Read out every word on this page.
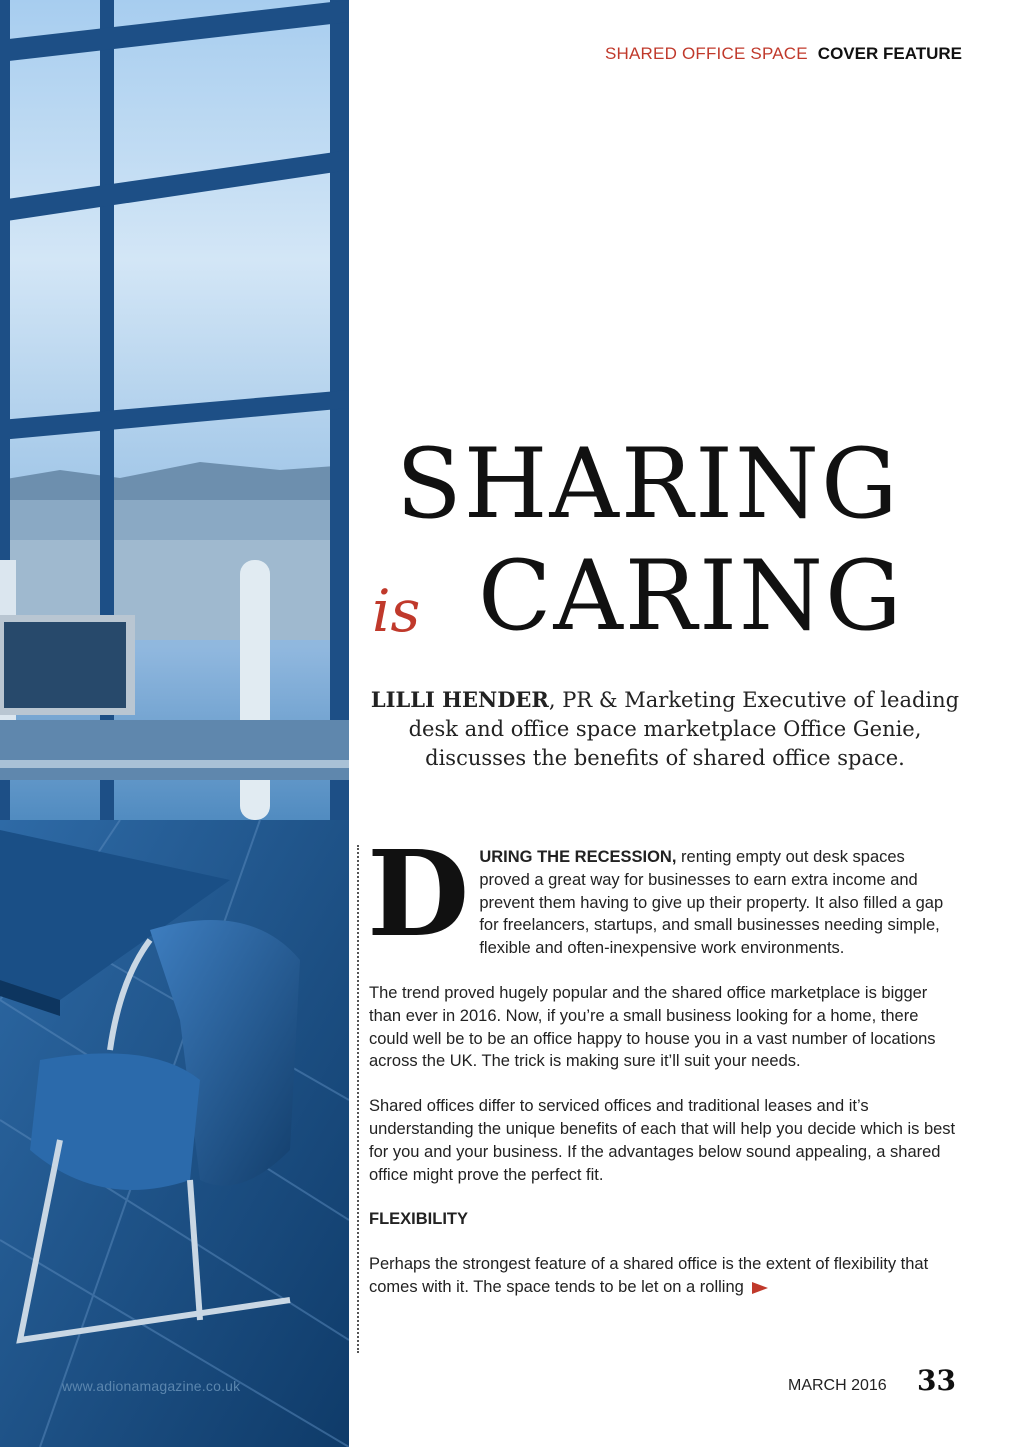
www.adionamagazine.co.uk
SHARED OFFICE SPACE COVER FEATURE
SHARING
is CARING
LILLI HENDER, PR & Marketing Executive of leading desk and office space marketplace Office Genie, discusses the benefits of shared office space.

DURING THE RECESSION, renting empty out desk spaces proved a great way for businesses to earn extra income and prevent them having to give up their property. It also filled a gap for freelancers, startups, and small businesses needing simple, flexible and often-inexpensive work environments.

The trend proved hugely popular and the shared office marketplace is bigger than ever in 2016. Now, if you’re a small business looking for a home, there could well be to be an office happy to house you in a vast number of locations across the UK. The trick is making sure it’ll suit your needs.

Shared offices differ to serviced offices and traditional leases and it’s understanding the unique benefits of each that will help you decide which is best for you and your business. If the advantages below sound appealing, a shared office might prove the perfect fit.

FLEXIBILITY

Perhaps the strongest feature of a shared office is the extent of flexibility that comes with it. The space tends to be let on a rolling

MARCH 2016 33
